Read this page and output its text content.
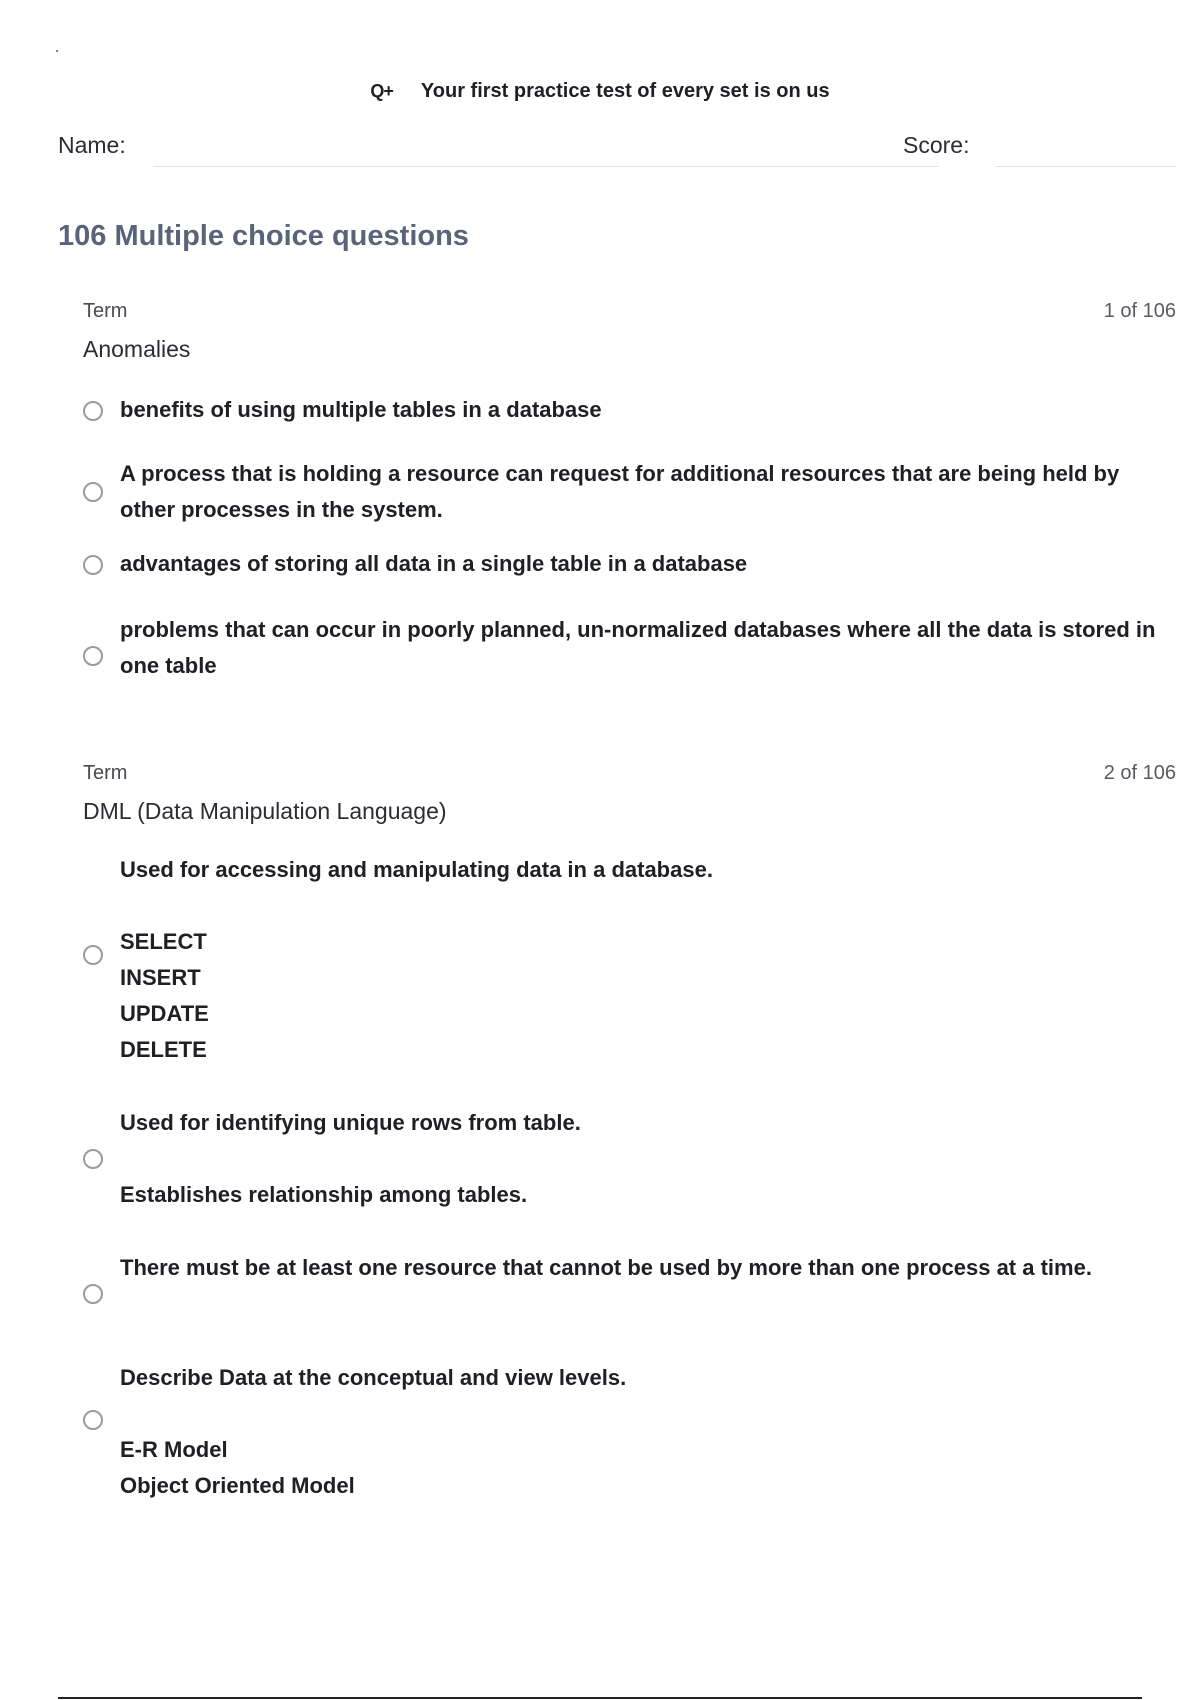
Q+ Your first practice test of every set is on us
Name:	Score:
106 Multiple choice questions
Term	1 of 106
Anomalies
benefits of using multiple tables in a database
A process that is holding a resource can request for additional resources that are being held by other processes in the system.
advantages of storing all data in a single table in a database
problems that can occur in poorly planned, un-normalized databases where all the data is stored in one table
Term	2 of 106
DML (Data Manipulation Language)
Used for accessing and manipulating data in a database.

SELECT
INSERT
UPDATE
DELETE
Used for identifying unique rows from table.

Establishes relationship among tables.
There must be at least one resource that cannot be used by more than one process at a time.
Describe Data at the conceptual and view levels.

E-R Model
Object Oriented Model
